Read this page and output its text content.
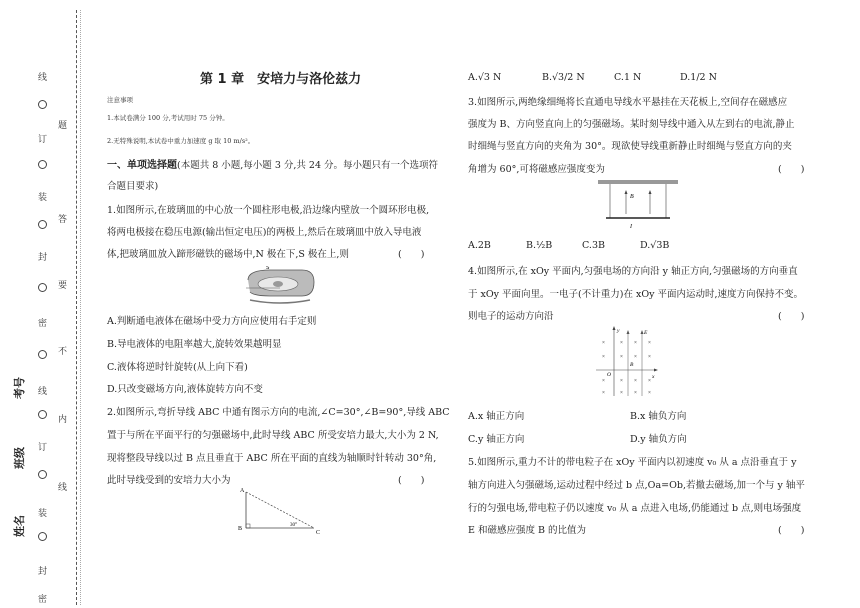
线
订
装
封
密
线
订
装
封
密
题
答
要
不
内
线
考号
班级
姓名
第 1 章　安培力与洛伦兹力
注意事项
1.本试卷满分 100 分,考试用时 75 分钟。
2.无特殊说明,本试卷中重力加速度 g 取 10 m/s²。
一、单项选择题(本题共 8 小题,每小题 3 分,共 24 分。每小题只有一个选项符
合题目要求)
1.如图所示,在玻璃皿的中心放一个圆柱形电极,沿边缘内壁放一个圆环形电极,
将两电极接在稳压电源(输出恒定电压)的两极上,然后在玻璃皿中放入导电液
体,把玻璃皿放入蹄形磁铁的磁场中,N 极在下,S 极在上,则	(　　)
S
A.判断通电液体在磁场中受力方向应使用右手定则
B.导电液体的电阻率越大,旋转效果越明显
C.液体将逆时针旋转(从上向下看)
D.只改变磁场方向,液体旋转方向不变
2.如图所示,弯折导线 ABC 中通有图示方向的电流,∠C=30°,∠B=90°,导线 ABC
置于与所在平面平行的匀强磁场中,此时导线 ABC 所受安培力最大,大小为 2 N,
现将整段导线以过 B 点且垂直于 ABC 所在平面的直线为轴顺时针转动 30°角,
此时导线受到的安培力大小为	(　　)
A
B
C
30°
A.√3 N	B.√3/2 N	C.1 N	D.1/2 N
3.如图所示,两绝缘细绳将长直通电导线水平悬挂在天花板上,空间存在磁感应
强度为 B、方向竖直向上的匀强磁场。某时刻导线中通入从左到右的电流,静止
时细绳与竖直方向的夹角为 30°。现欲使导线重新静止时细绳与竖直方向的夹
角增为 60°,可将磁感应强度变为	(　　)
B
I
A.2B	B.½B	C.3B	D.√3B
4.如图所示,在 xOy 平面内,匀强电场的方向沿 y 轴正方向,匀强磁场的方向垂直
于 xOy 平面向里。一电子(不计重力)在 xOy 平面内运动时,速度方向保持不变。
则电子的运动方向沿	(　　)
×	× × ×
×	× × ×
×	× × ×
×	× × ×
y	E
B
O	x
A.x 轴正方向	B.x 轴负方向
C.y 轴正方向	D.y 轴负方向
5.如图所示,重力不计的带电粒子在 xOy 平面内以初速度 v₀ 从 a 点沿垂直于 y
轴方向进入匀强磁场,运动过程中经过 b 点,Oa=Ob,若撤去磁场,加一个与 y 轴平
行的匀强电场,带电粒子仍以速度 v₀ 从 a 点进入电场,仍能通过 b 点,则电场强度
E 和磁感应强度 B 的比值为	(　　)
